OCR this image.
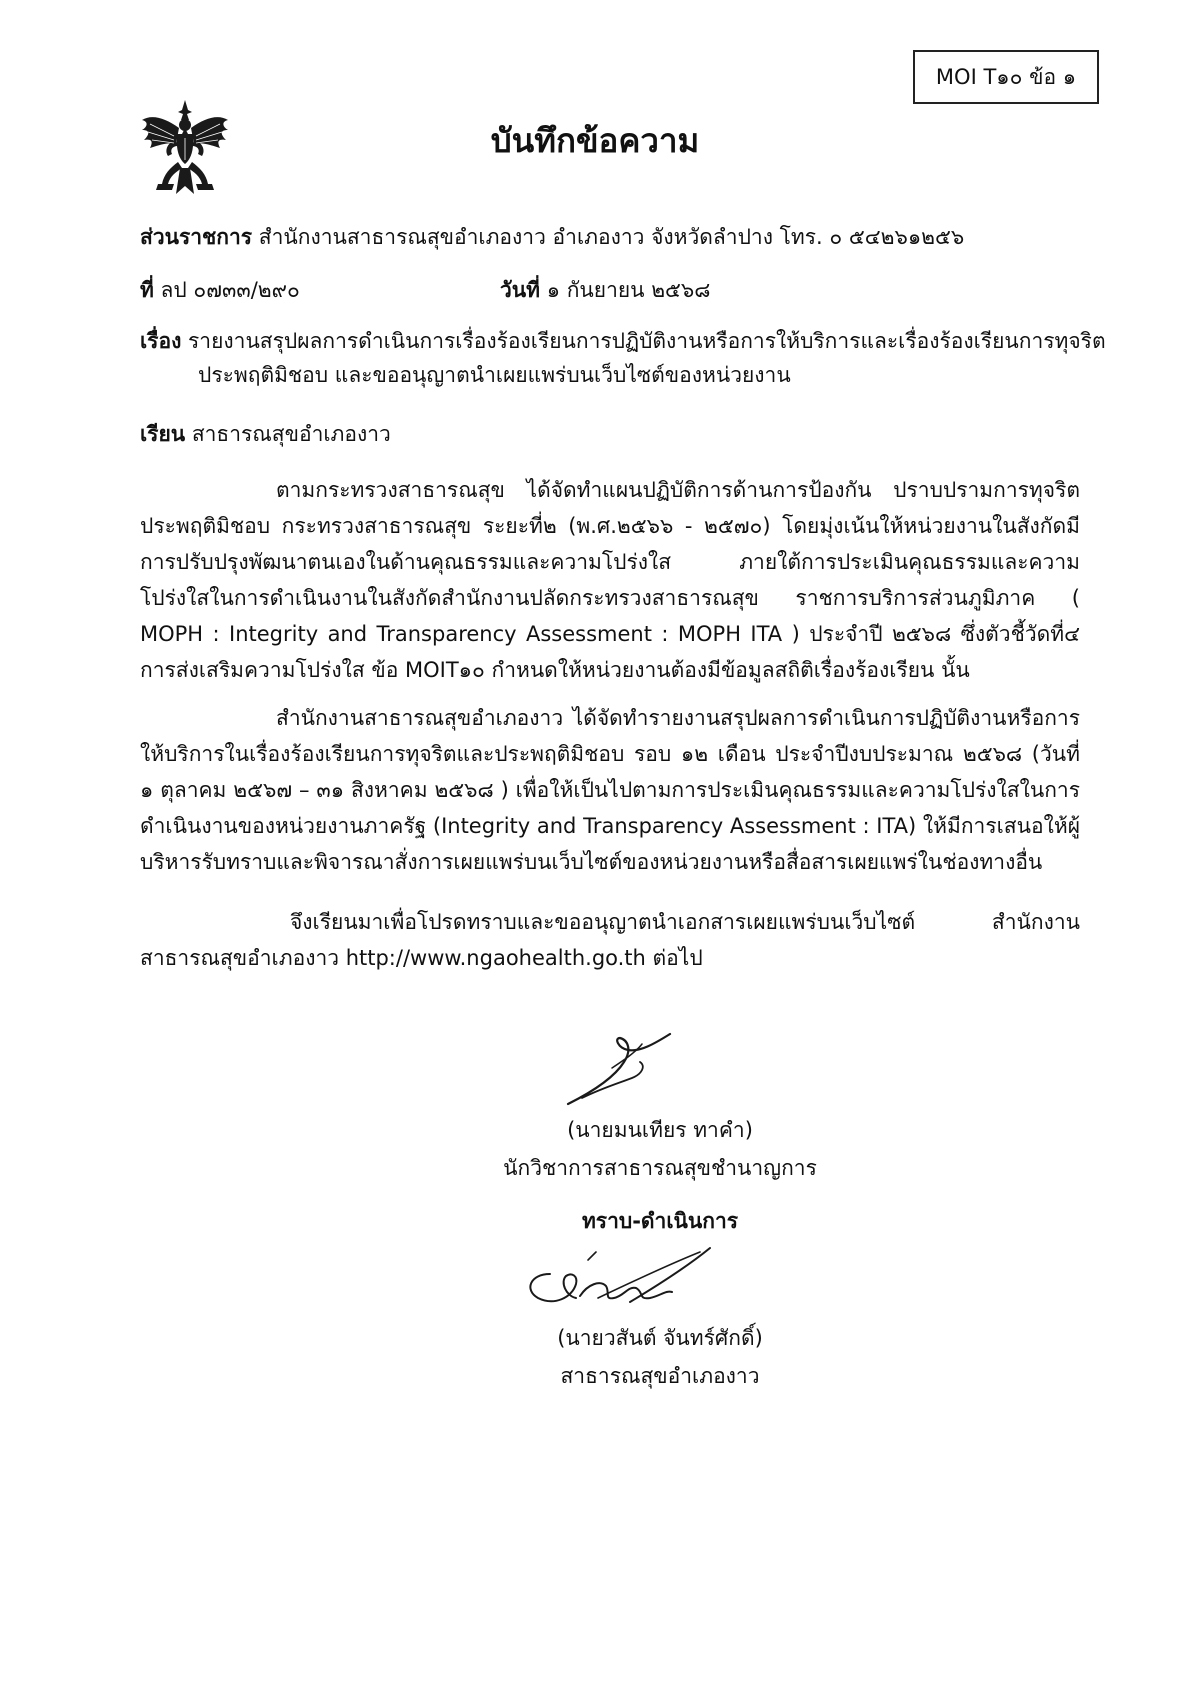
MOI T๑๐ ข้อ ๑
บันทึกข้อความ
ส่วนราชการ สำนักงานสาธารณสุขอำเภองาว อำเภองาว จังหวัดลำปาง โทร. ๐ ๕๔๒๖๑๒๕๖
ที่ ลป ๐๗๓๓/๒๙๐	วันที่ ๑ กันยายน ๒๕๖๘
เรื่อง รายงานสรุปผลการดำเนินการเรื่องร้องเรียนการปฏิบัติงานหรือการให้บริการและเรื่องร้องเรียนการทุจริตประพฤติมิชอบ และขออนุญาตนำเผยแพร่บนเว็บไซต์ของหน่วยงาน
เรียน สาธารณสุขอำเภองาว
ตามกระทรวงสาธารณสุข ได้จัดทำแผนปฏิบัติการด้านการป้องกัน ปราบปรามการทุจริตประพฤติมิชอบ กระทรวงสาธารณสุข ระยะที่๒ (พ.ศ.๒๕๖๖ - ๒๕๗๐) โดยมุ่งเน้นให้หน่วยงานในสังกัดมีการปรับปรุงพัฒนาตนเองในด้านคุณธรรมและความโปร่งใส ภายใต้การประเมินคุณธรรมและความโปร่งใสในการดำเนินงานในสังกัดสำนักงานปลัดกระทรวงสาธารณสุข ราชการบริการส่วนภูมิภาค ( MOPH : Integrity and Transparency Assessment : MOPH ITA ) ประจำปี ๒๕๖๘ ซึ่งตัวชี้วัดที่๔ การส่งเสริมความโปร่งใส ข้อ MOIT๑๐ กำหนดให้หน่วยงานต้องมีข้อมูลสถิติเรื่องร้องเรียน นั้น
สำนักงานสาธารณสุขอำเภองาว ได้จัดทำรายงานสรุปผลการดำเนินการปฏิบัติงานหรือการให้บริการในเรื่องร้องเรียนการทุจริตและประพฤติมิชอบ รอบ ๑๒ เดือน ประจำปีงบประมาณ ๒๕๖๘ (วันที่ ๑ ตุลาคม ๒๕๖๗ – ๓๑ สิงหาคม ๒๕๖๘ ) เพื่อให้เป็นไปตามการประเมินคุณธรรมและความโปร่งใสในการดำเนินงานของหน่วยงานภาครัฐ (Integrity and Transparency Assessment : ITA) ให้มีการเสนอให้ผู้บริหารรับทราบและพิจารณาสั่งการเผยแพร่บนเว็บไซต์ของหน่วยงานหรือสื่อสารเผยแพร่ในช่องทางอื่น
จึงเรียนมาเพื่อโปรดทราบและขออนุญาตนำเอกสารเผยแพร่บนเว็บไซต์ สำนักงานสาธารณสุขอำเภองาว http://www.ngaohealth.go.th ต่อไป
(นายมนเทียร ทาคำ)
นักวิชาการสาธารณสุขชำนาญการ
ทราบ-ดำเนินการ
(นายวสันต์ จันทร์ศักดิ์)
สาธารณสุขอำเภองาว
